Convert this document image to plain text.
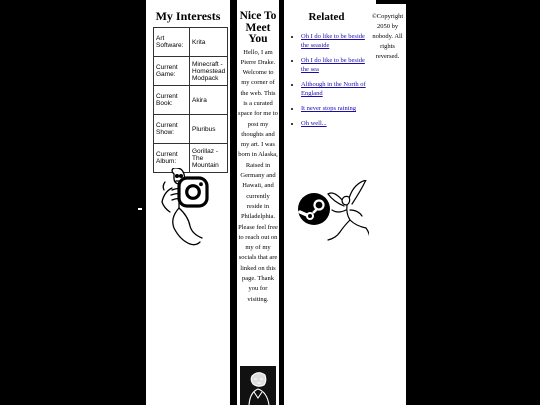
My Interests
Art Software:	Krita
Current Game:	Minecraft - Homestead Modpack
Current Book:	Akira
Current Show:	Pluribus
Current Album:	Gorillaz - The Mountain
Nice To Meet You

Hello, I am Pierre Drake. Welcome to my corner of the web. This is a curated space for me to post my thoughts and my art. I was born in Alaska, Raised in Germany and Hawaii, and currently reside in Philadelphia. Please feel free to reach out on my of my socials that are linked on this page. Thank you for visiting.

Related
• Oh I do like to be beside the seaside
• Oh I do like to be beside the sea
• Although in the North of England
• It never stops raining
• Oh well...

©Copyright 2050 by nobody. All rights reversed.
